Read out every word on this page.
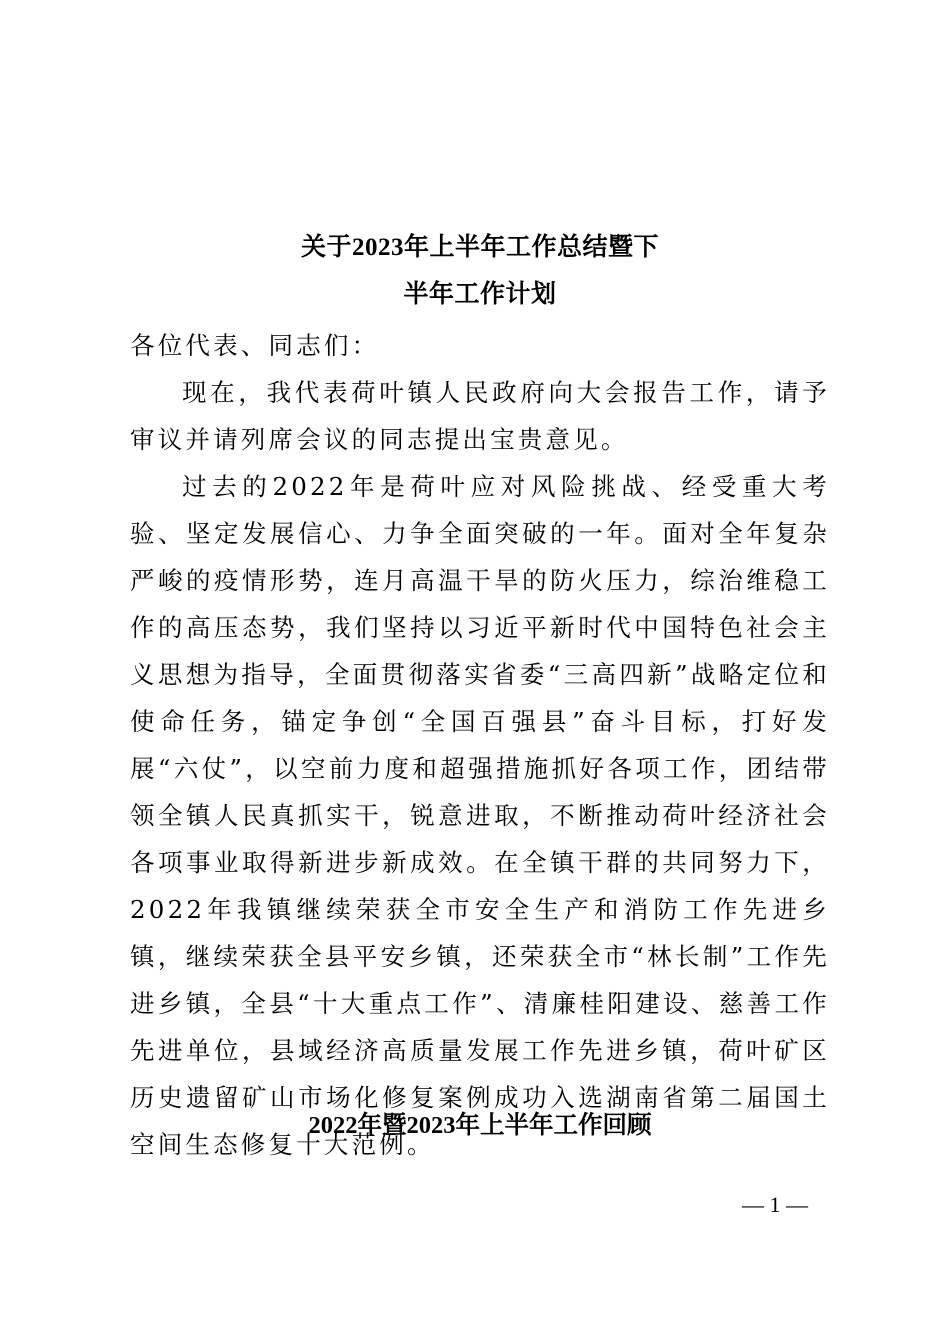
关于2023年上半年工作总结暨下
半年工作计划

各位代表、同志们：

现在，我代表荷叶镇人民政府向大会报告工作，请予审议并请列席会议的同志提出宝贵意见。

过去的2022年是荷叶应对风险挑战、经受重大考验、坚定发展信心、力争全面突破的一年。面对全年复杂严峻的疫情形势，连月高温干旱的防火压力，综治维稳工作的高压态势，我们坚持以习近平新时代中国特色社会主义思想为指导，全面贯彻落实省委“三高四新”战略定位和使命任务，锚定争创“全国百强县”奋斗目标，打好发展“六仗”，以空前力度和超强措施抓好各项工作，团结带领全镇人民真抓实干，锐意进取，不断推动荷叶经济社会各项事业取得新进步新成效。在全镇干群的共同努力下，2022年我镇继续荣获全市安全生产和消防工作先进乡镇，继续荣获全县平安乡镇，还荣获全市“林长制”工作先进乡镇，全县“十大重点工作”、清廉桂阳建设、慈善工作先进单位，县域经济高质量发展工作先进乡镇，荷叶矿区历史遗留矿山市场化修复案例成功入选湖南省第二届国土空间生态修复十大范例。

2022年暨2023年上半年工作回顾
— 1 —
